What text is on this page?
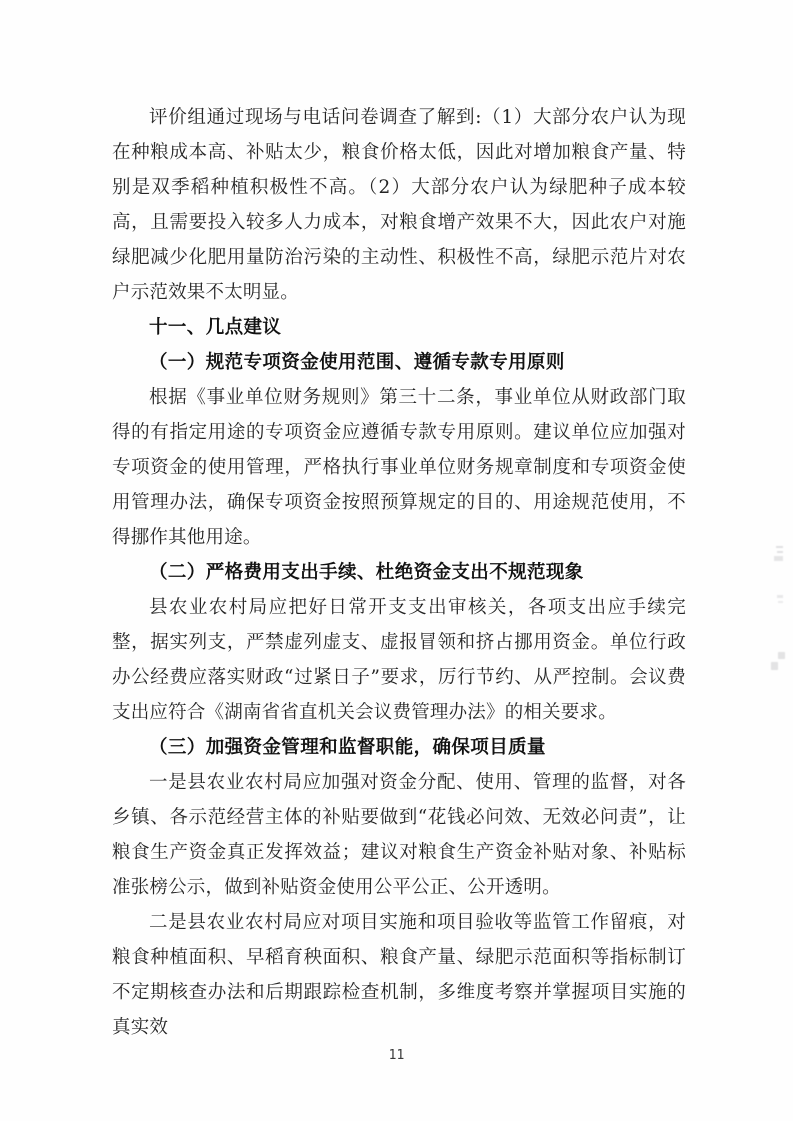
评价组通过现场与电话问卷调查了解到:（1）大部分农户认为现在种粮成本高、补贴太少，粮食价格太低，因此对增加粮食产量、特别是双季稻种植积极性不高。（2）大部分农户认为绿肥种子成本较高，且需要投入较多人力成本，对粮食增产效果不大，因此农户对施绿肥减少化肥用量防治污染的主动性、积极性不高，绿肥示范片对农户示范效果不太明显。

十一、几点建议

（一）规范专项资金使用范围、遵循专款专用原则

根据《事业单位财务规则》第三十二条，事业单位从财政部门取得的有指定用途的专项资金应遵循专款专用原则。建议单位应加强对专项资金的使用管理，严格执行事业单位财务规章制度和专项资金使用管理办法，确保专项资金按照预算规定的目的、用途规范使用，不得挪作其他用途。

（二）严格费用支出手续、杜绝资金支出不规范现象

县农业农村局应把好日常开支支出审核关，各项支出应手续完整，据实列支，严禁虚列虚支、虚报冒领和挤占挪用资金。单位行政办公经费应落实财政“过紧日子”要求，厉行节约、从严控制。会议费支出应符合《湖南省省直机关会议费管理办法》的相关要求。

（三）加强资金管理和监督职能，确保项目质量

一是县农业农村局应加强对资金分配、使用、管理的监督，对各乡镇、各示范经营主体的补贴要做到“花钱必问效、无效必问责”，让粮食生产资金真正发挥效益；建议对粮食生产资金补贴对象、补贴标准张榜公示，做到补贴资金使用公平公正、公开透明。

二是县农业农村局应对项目实施和项目验收等监管工作留痕，对粮食种植面积、早稻育秧面积、粮食产量、绿肥示范面积等指标制订不定期核查办法和后期跟踪检查机制，多维度考察并掌握项目实施的真实效

11
